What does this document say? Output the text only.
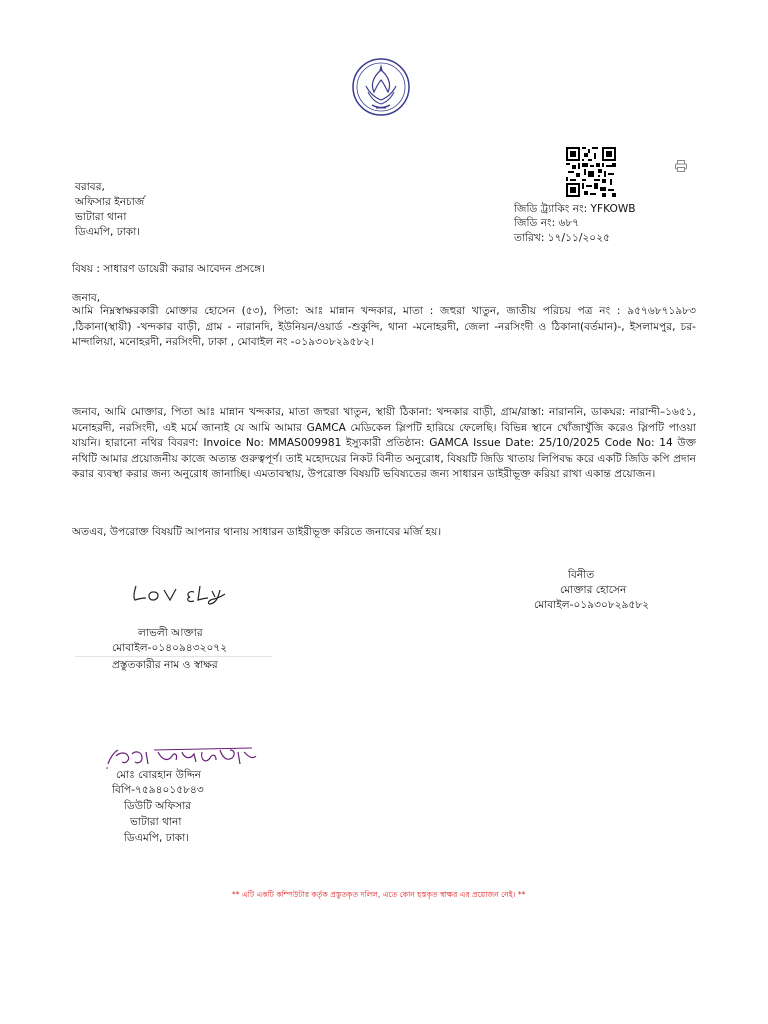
জিডি ট্র্যাকিং নং: YFKOWB
জিডি নং: ৬৮৭
তারিখ: ১৭/১১/২০২৫
বরাবর,
অফিসার ইনচার্জ
ভাটারা থানা
ডিএমপি, ঢাকা।
বিষয় : সাধারণ ডায়েরী করার আবেদন প্রসঙ্গে।
জনাব,
আমি নিম্নস্বাক্ষরকারী মোক্তার হোসেন (৫৩), পিতা: আঃ মান্নান খন্দকার, মাতা : জহুরা খাতুন, জাতীয় পরিচয় পত্র নং : ৯৫৭৬৮৭১৯৮৩ ,ঠিকানা(স্থায়ী) -খন্দকার বাড়ী, গ্রাম - নারানদি, ইউনিয়ন/ওয়ার্ড -শুকুন্দি, থানা -মনোহরদী, জেলা -নরসিংদী ও ঠিকানা(বর্তমান)-, ইসলামপুর, চর-মান্দালিয়া, মনোহরদী, নরসিংদী, ঢাকা , মোবাইল নং -০১৯৩০৮২৯৫৮২।
জনাব, আমি মোক্তার, পিতা আঃ মান্নান খন্দকার, মাতা জহুরা খাতুন, স্থায়ী ঠিকানা: খন্দকার বাড়ী, গ্রাম/রাস্তা: নারাননি, ডাকঘর: নারান্দী–১৬৫১, মনোহরদী, নরসিংদী, এই মর্মে জানাই যে আমি আমার GAMCA মেডিকেল স্লিপটি হারিয়ে ফেলেছি। বিভিন্ন স্থানে খোঁজাখুঁজি করেও স্লিপটি পাওয়া যায়নি। হারানো নথির বিবরণ: Invoice No: MMAS009981 ইস্যুকারী প্রতিষ্ঠান: GAMCA Issue Date: 25/10/2025 Code No: 14 উক্ত নথিটি আমার প্রয়োজনীয় কাজে অত্যন্ত গুরুত্বপূর্ণ। তাই মহোদয়ের নিকট বিনীত অনুরোধ, বিষয়টি জিডি খাতায় লিপিবদ্ধ করে একটি জিডি কপি প্রদান করার ব্যবস্থা করার জন্য অনুরোধ জানাচ্ছি। এমতাবস্থায়, উপরোক্ত বিষয়টি ভবিষ্যতের জন্য সাধারন ডাইরীভূক্ত করিয়া রাখা একান্ত প্রয়োজন।
অতএব, উপরোক্ত বিষয়টি আপনার থানায় সাধারন ডাইরীভূক্ত করিতে জনাবের মর্জি হয়।
বিনীত
মোক্তার হোসেন
মোবাইল-০১৯৩০৮২৯৫৮২
লাভলী আক্তার
মোবাইল-০১৪০৯৪৩২০৭২
প্রস্তুতকারীর নাম ও স্বাক্ষর
মোঃ বোরহান উদ্দিন
বিপি-৭৫৯৪০১৫৮৪৩
ডিউটি অফিসার
ভাটারা থানা
ডিএমপি, ঢাকা।
** এটি একটি কম্পিউটার কর্তৃক প্রস্তুতকৃত দলিল, এতে কোন হস্তকৃত স্বাক্ষর এর প্রয়োজন নেই। **
